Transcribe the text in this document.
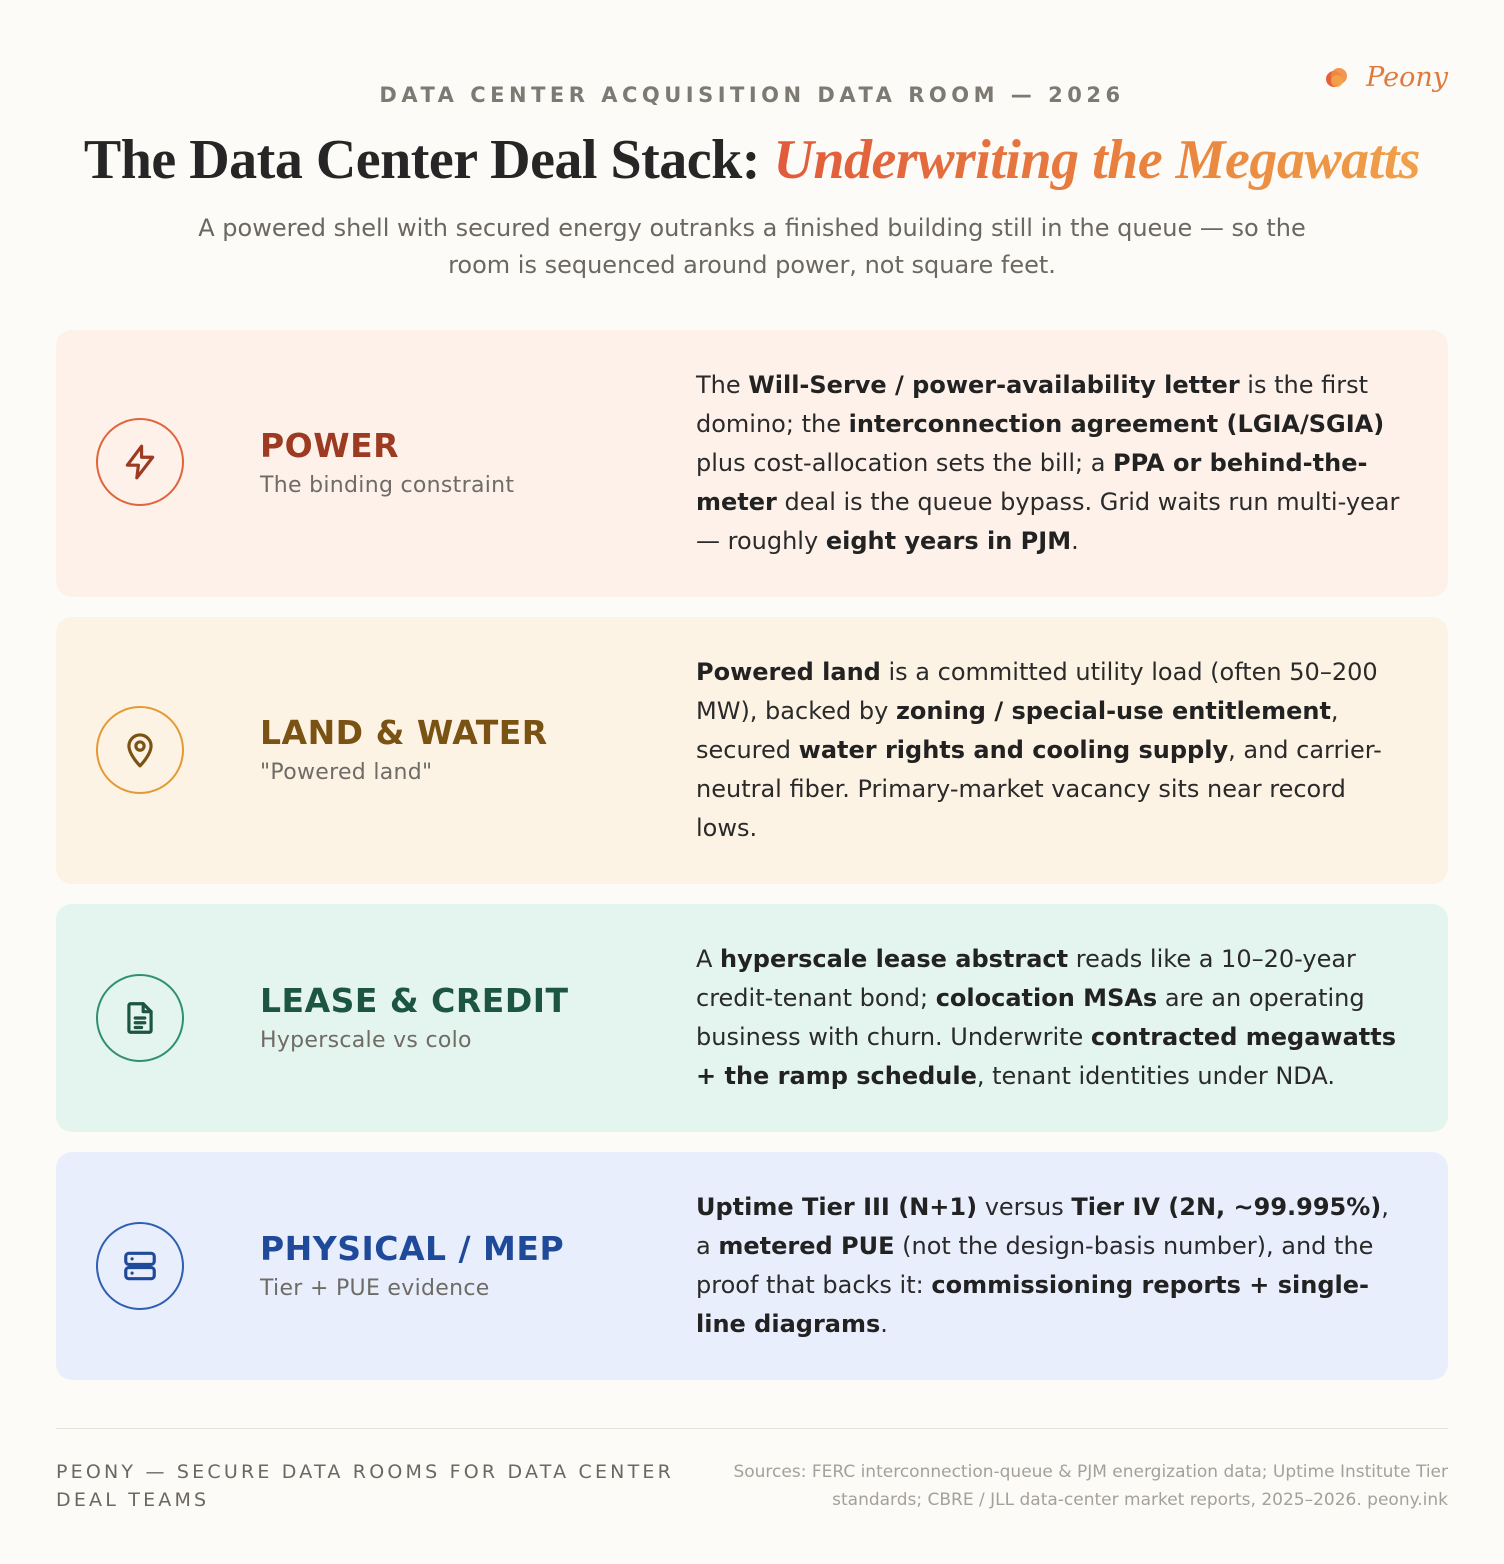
Peony
DATA CENTER ACQUISITION DATA ROOM — 2026
The Data Center Deal Stack: Underwriting the Megawatts

A powered shell with secured energy outranks a finished building still in the queue — so the room is sequenced around power, not square feet.

POWER
The binding constraint

The Will-Serve / power-availability letter is the first domino; the interconnection agreement (LGIA/SGIA) plus cost-allocation sets the bill; a PPA or behind-the-meter deal is the queue bypass. Grid waits run multi-year — roughly eight years in PJM.

LAND & WATER
"Powered land"

Powered land is a committed utility load (often 50–200 MW), backed by zoning / special-use entitlement, secured water rights and cooling supply, and carrier-neutral fiber. Primary-market vacancy sits near record lows.

LEASE & CREDIT
Hyperscale vs colo

A hyperscale lease abstract reads like a 10–20-year credit-tenant bond; colocation MSAs are an operating business with churn. Underwrite contracted megawatts + the ramp schedule, tenant identities under NDA.

PHYSICAL / MEP
Tier + PUE evidence

Uptime Tier III (N+1) versus Tier IV (2N, ~99.995%), a metered PUE (not the design-basis number), and the proof that backs it: commissioning reports + single-line diagrams.

PEONY — SECURE DATA ROOMS FOR DATA CENTER DEAL TEAMS
Sources: FERC interconnection-queue & PJM energization data; Uptime Institute Tier standards; CBRE / JLL data-center market reports, 2025–2026. peony.ink
